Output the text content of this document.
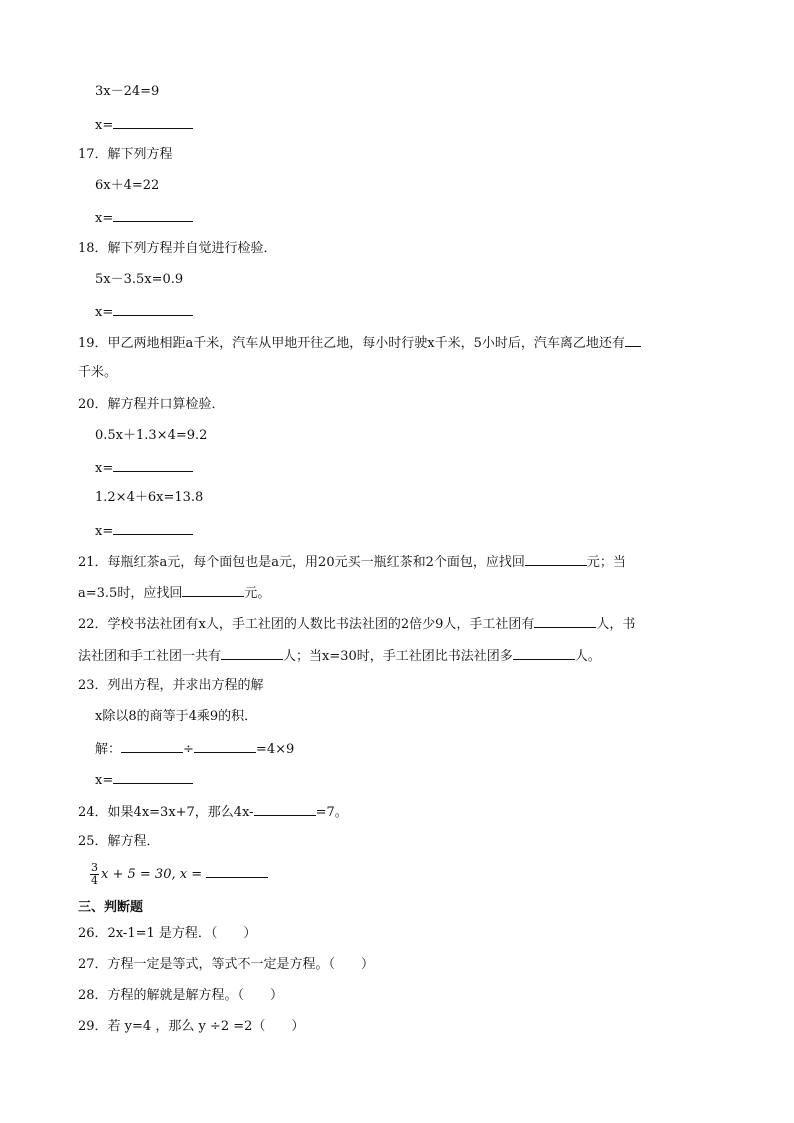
3x－24=9
x=
17．解下列方程
6x＋4=22
x=
18．解下列方程并自觉进行检验．
5x－3.5x=0.9
x=
19．甲乙两地相距a千米，汽车从甲地开往乙地，每小时行驶x千米，5小时后，汽车离乙地还有
千米。
20．解方程并口算检验．
0.5x＋1.3×4=9.2
x=
1.2×4＋6x=13.8
x=
21．每瓶红茶a元，每个面包也是a元，用20元买一瓶红茶和2个面包，应找回	元；当
a=3.5时，应找回	元。
22．学校书法社团有x人，手工社团的人数比书法社团的2倍少9人，手工社团有	人，书
法社团和手工社团一共有	人；当x=30时，手工社团比书法社团多	人。
23．列出方程，并求出方程的解
x除以8的商等于4乘9的积．
解：	÷	=4×9
x=
24．如果4x=3x+7，那么4x-	=7。
25．解方程．
$\frac{3}{4}$ x + 5 = 30, x =
三、判断题
26．2x-1=1 是方程．（　　）
27．方程一定是等式，等式不一定是方程。（　　）
28．方程的解就是解方程。（　　）
29．若 y=4 ，那么 y ÷2 =2（　　）
